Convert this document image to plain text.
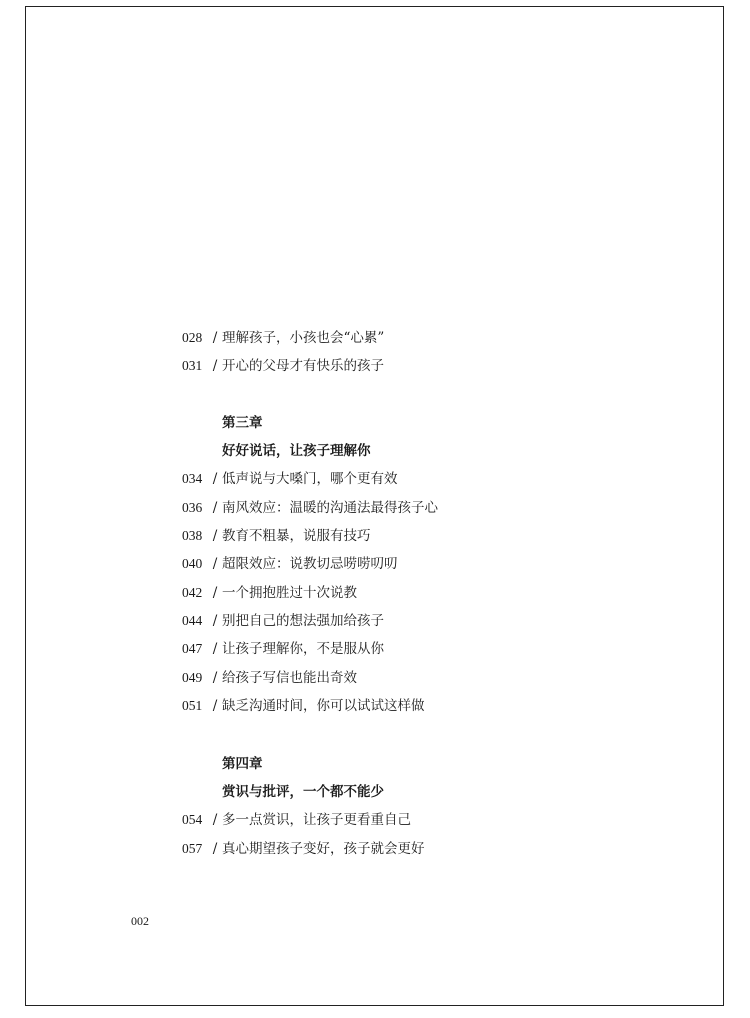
028 / 理解孩子，小孩也会“心累”
031 / 开心的父母才有快乐的孩子
第三章
好好说话，让孩子理解你
034 / 低声说与大嗓门，哪个更有效
036 / 南风效应：温暖的沟通法最得孩子心
038 / 教育不粗暴，说服有技巧
040 / 超限效应：说教切忌唠唠叨叨
042 / 一个拥抱胜过十次说教
044 / 别把自己的想法强加给孩子
047 / 让孩子理解你，不是服从你
049 / 给孩子写信也能出奇效
051 / 缺乏沟通时间，你可以试试这样做
第四章
赏识与批评，一个都不能少
054 / 多一点赏识，让孩子更看重自己
057 / 真心期望孩子变好，孩子就会更好
002
